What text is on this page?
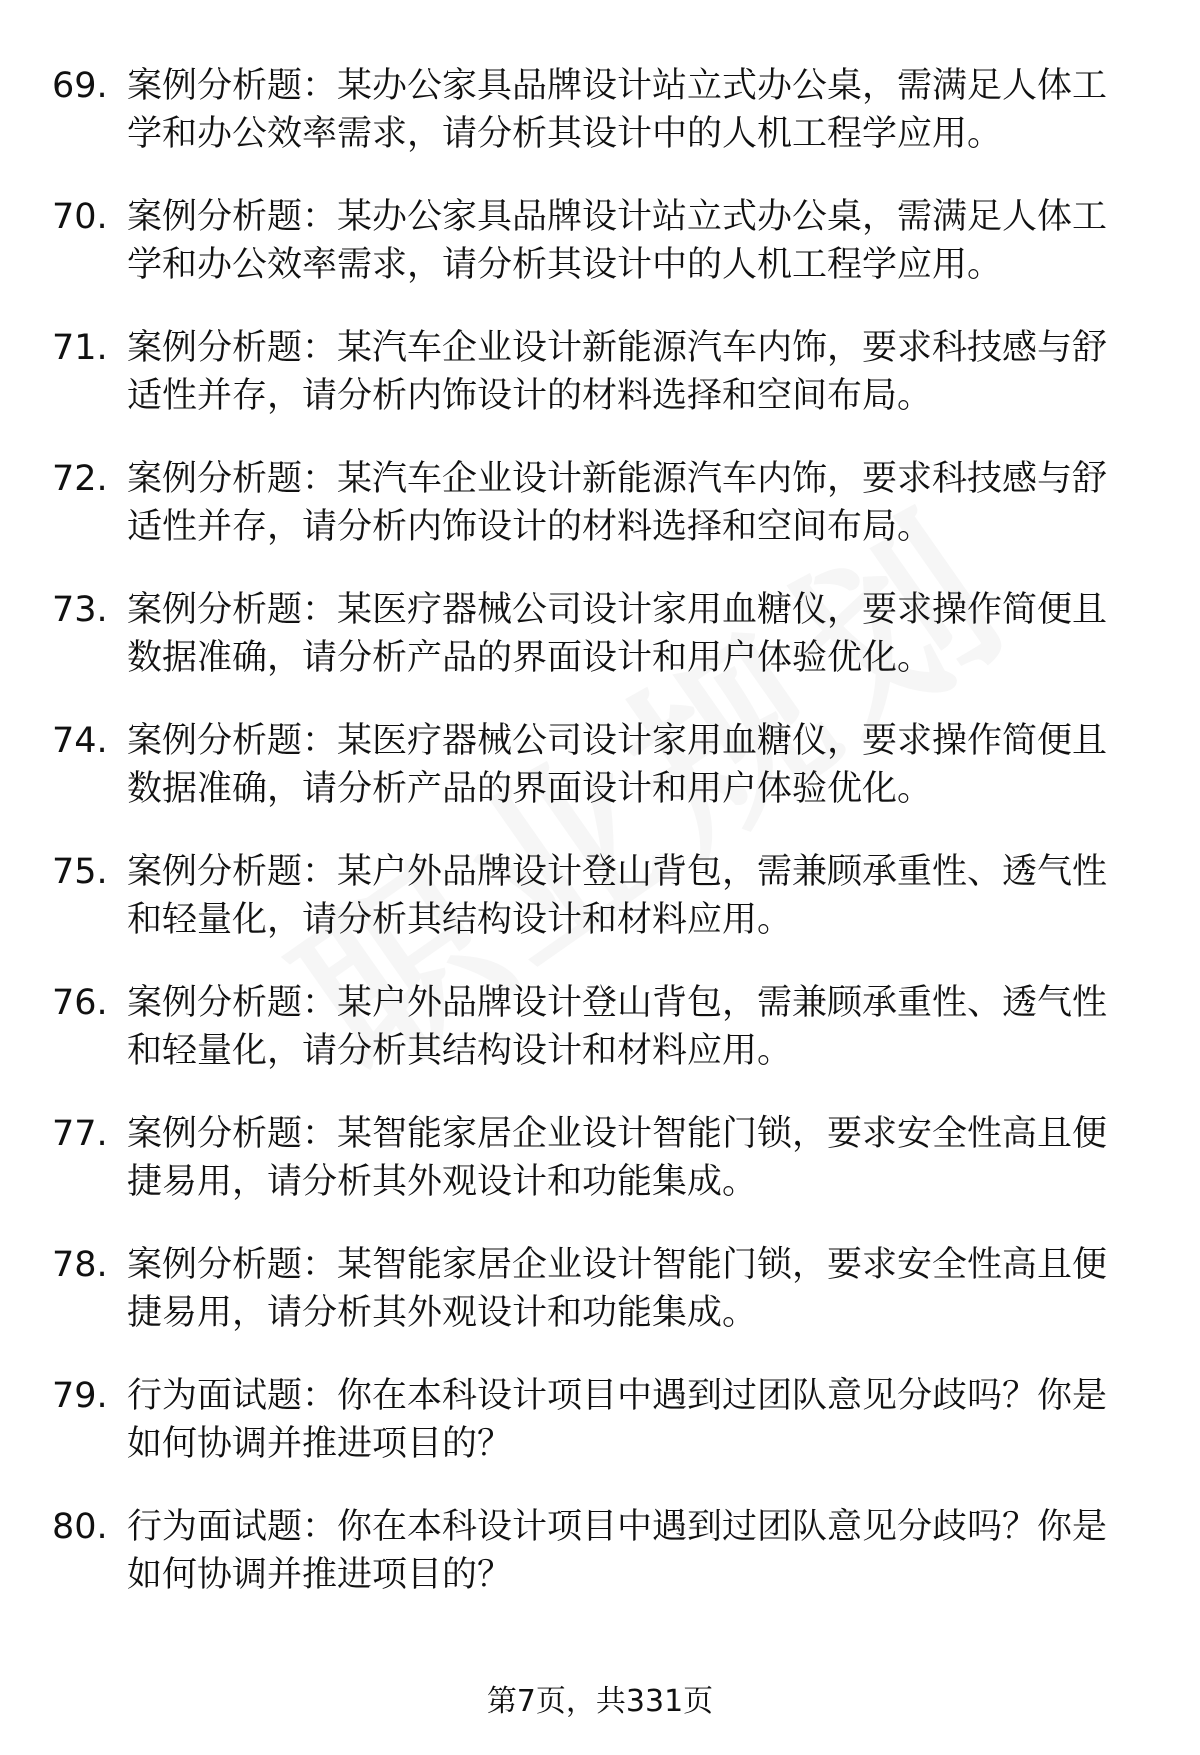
69. 案例分析题：某办公家具品牌设计站立式办公桌，需满足人体工学和办公效率需求，请分析其设计中的人机工程学应用。
70. 案例分析题：某办公家具品牌设计站立式办公桌，需满足人体工学和办公效率需求，请分析其设计中的人机工程学应用。
71. 案例分析题：某汽车企业设计新能源汽车内饰，要求科技感与舒适性并存，请分析内饰设计的材料选择和空间布局。
72. 案例分析题：某汽车企业设计新能源汽车内饰，要求科技感与舒适性并存，请分析内饰设计的材料选择和空间布局。
73. 案例分析题：某医疗器械公司设计家用血糖仪，要求操作简便且数据准确，请分析产品的界面设计和用户体验优化。
74. 案例分析题：某医疗器械公司设计家用血糖仪，要求操作简便且数据准确，请分析产品的界面设计和用户体验优化。
75. 案例分析题：某户外品牌设计登山背包，需兼顾承重性、透气性和轻量化，请分析其结构设计和材料应用。
76. 案例分析题：某户外品牌设计登山背包，需兼顾承重性、透气性和轻量化，请分析其结构设计和材料应用。
77. 案例分析题：某智能家居企业设计智能门锁，要求安全性高且便捷易用，请分析其外观设计和功能集成。
78. 案例分析题：某智能家居企业设计智能门锁，要求安全性高且便捷易用，请分析其外观设计和功能集成。
79. 行为面试题：你在本科设计项目中遇到过团队意见分歧吗？你是如何协调并推进项目的？
80. 行为面试题：你在本科设计项目中遇到过团队意见分歧吗？你是如何协调并推进项目的？
第7页，共331页
